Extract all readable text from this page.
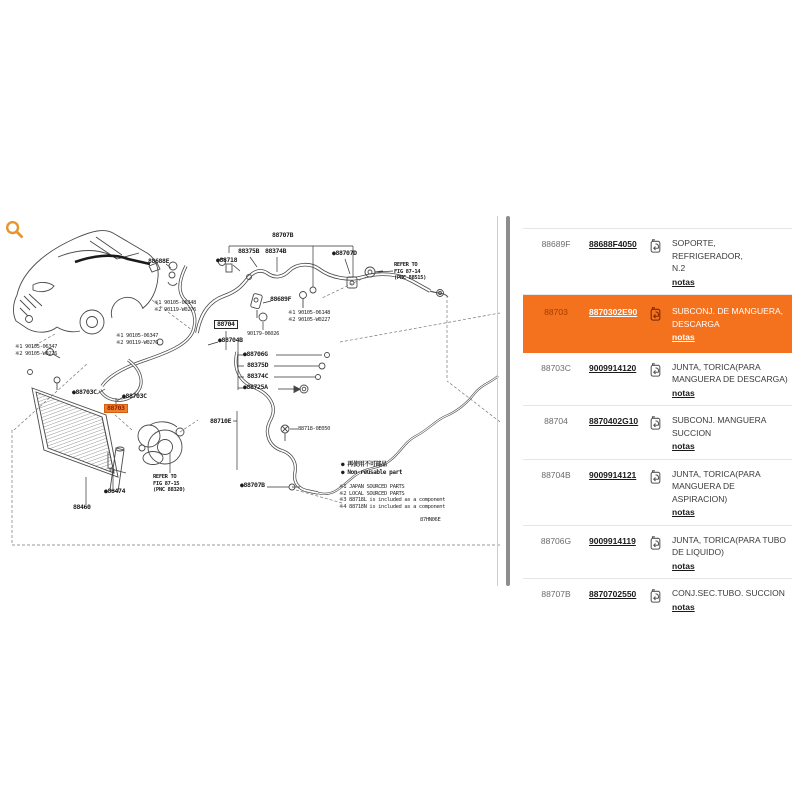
88707B
88688E	●88718
88375B 88374B	●88707D
REFER TO
FIG 87-14
(PNC 88515)
88689F
※1 90105-06348
※2 90119-W0276
※1 90105-06148
※2 90105-W0227
88704
90179-06026
●88704B
※1 90105-06347
※2 90119-W0276
※1 90105-06347
※2 90105-W0276	●88706G
88375D
88374C
●88725A
●88703C	●88703C
88703
88710E
88718-0E050
REFER TO
FIG 87-15
(PNC 88320)
●88474
88460
●88707B
● 再使用不可部品
● Non-reusable part
※1 JAPAN SOURCED PARTS
※2 LOCAL SOURCED PARTS
※3 88718L is included as a component
※4 88718N is included as a component
87HN06E
88689F	88688F4050	SOPORTE, REFRIGERADOR,
N.2
notas
88703	8870302E90	SUBCONJ. DE MANGUERA,
DESCARGA
notas
88703C	9009914120	JUNTA, TORICA(PARA
MANGUERA DE DESCARGA)
notas
88704	8870402G10	SUBCONJ. MANGUERA
SUCCION
notas
88704B	9009914121	JUNTA, TORICA(PARA
MANGUERA DE ASPIRACION)
notas
88706G	9009914119	JUNTA, TORICA(PARA TUBO
DE LIQUIDO)
notas
88707B	8870702550	CONJ.SEC.TUBO. SUCCION
notas
